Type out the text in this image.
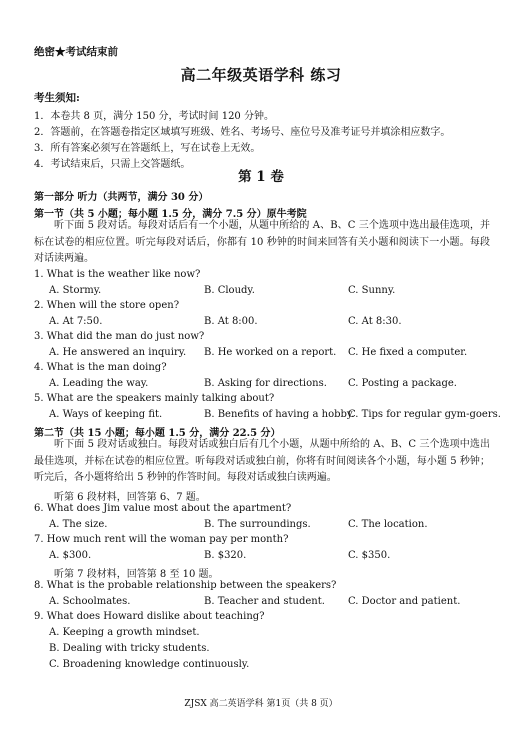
绝密★考试结束前
高二年级英语学科 练习
考生须知:
1．本卷共 8 页，满分 150 分，考试时间 120 分钟。
2．答题前，在答题卷指定区域填写班级、姓名、考场号、座位号及准考证号并填涂相应数字。
3．所有答案必须写在答题纸上，写在试卷上无效。
4．考试结束后，只需上交答题纸。
第 1 卷
第一部分 听力（共两节，满分 30 分）
第一节（共 5 小题；每小题 1.5 分，满分 7.5 分）原牛考院
听下面 5 段对话。每段对话后有一个小题，从题中所给的 A、B、C 三个选项中选出最佳选项，并标在试卷的相应位置。听完每段对话后，你都有 10 秒钟的时间来回答有关小题和阅读下一小题。每段对话读两遍。
1. What is the weather like now?
A. Stormy.	B. Cloudy.	C. Sunny.
2. When will the store open?
A. At 7:50.	B. At 8:00.	C. At 8:30.
3. What did the man do just now?
A. He answered an inquiry. B. He worked on a report. C. He fixed a computer.
4. What is the man doing?
A. Leading the way.	B. Asking for directions. C. Posting a package.
5. What are the speakers mainly talking about?
A. Ways of keeping fit.	B. Benefits of having a hobby.
C. Tips for regular gym-goers.
第二节（共 15 小题；每小题 1.5 分，满分 22.5 分）
听下面 5 段对话或独白。每段对话或独白后有几个小题，从题中所给的 A、B、C 三个选项中选出最佳选项，并标在试卷的相应位置。听每段对话或独白前，你将有时间阅读各个小题，每小题 5 秒钟；听完后，各小题将给出 5 秒钟的作答时间。每段对话或独白读两遍。
听第 6 段材料，回答第 6、7 题。
6. What does Jim value most about the apartment?
A. The size.	B. The surroundings.	C. The location.
7. How much rent will the woman pay per month?
A. $300.	B. $320.	C. $350.
听第 7 段材料，回答第 8 至 10 题。
8. What is the probable relationship between the speakers?
A. Schoolmates.	B. Teacher and student. C. Doctor and patient.
9. What does Howard dislike about teaching?
A. Keeping a growth mindset.
B. Dealing with tricky students.
C. Broadening knowledge continuously.
ZJSX 高二英语学科 第1页（共 8 页）
